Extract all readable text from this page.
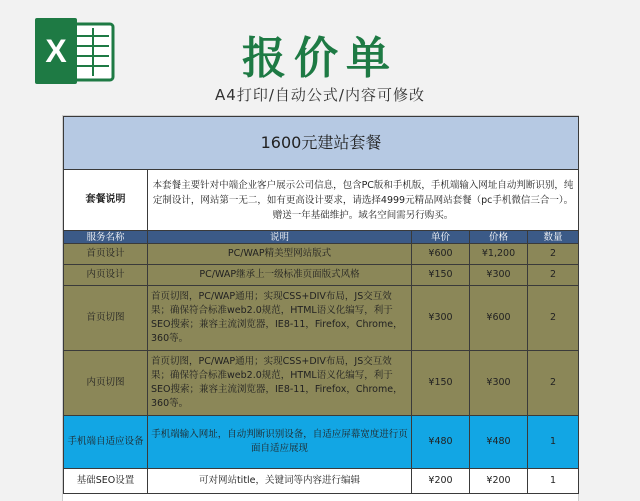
X	报价单
A4打印/自动公式/内容可修改
1600元建站套餐				
套餐说明	本套餐主要针对中端企业客户展示公司信息，包含PC版和手机版，手机端输入网址自动判断识别，纯定制设计，网站第一无二，如有更高设计要求，请选择4999元精品网站套餐（pc手机微信三合一）。赠送一年基础维护。域名空间需另行购买。			
服务名称	说明	单价	价格	数量
首页设计	PC/WAP精美型网站版式	¥600	¥1,200	2
内页设计	PC/WAP继承上一级标准页面版式风格	¥150	¥300	2
首页切图	首页切图，PC/WAP通用；实现CSS+DIV布局，JS交互效果；确保符合标准web2.0规范，HTML语义化编写，利于SEO搜索；兼容主流浏览器，IE8-11，Firefox，Chrome，360等。	¥300	¥600	2
内页切图	首页切图，PC/WAP通用；实现CSS+DIV布局，JS交互效果；确保符合标准web2.0规范，HTML语义化编写，利于SEO搜索；兼容主流浏览器，IE8-11，Firefox，Chrome，360等。	¥150	¥300	2
手机端自适应设备	手机端输入网址，自动判断识别设备，自适应屏幕宽度进行页面自适应展现	¥480	¥480	1
基础SEO设置	可对网站title，关键词等内容进行编辑	¥200	¥200	1
